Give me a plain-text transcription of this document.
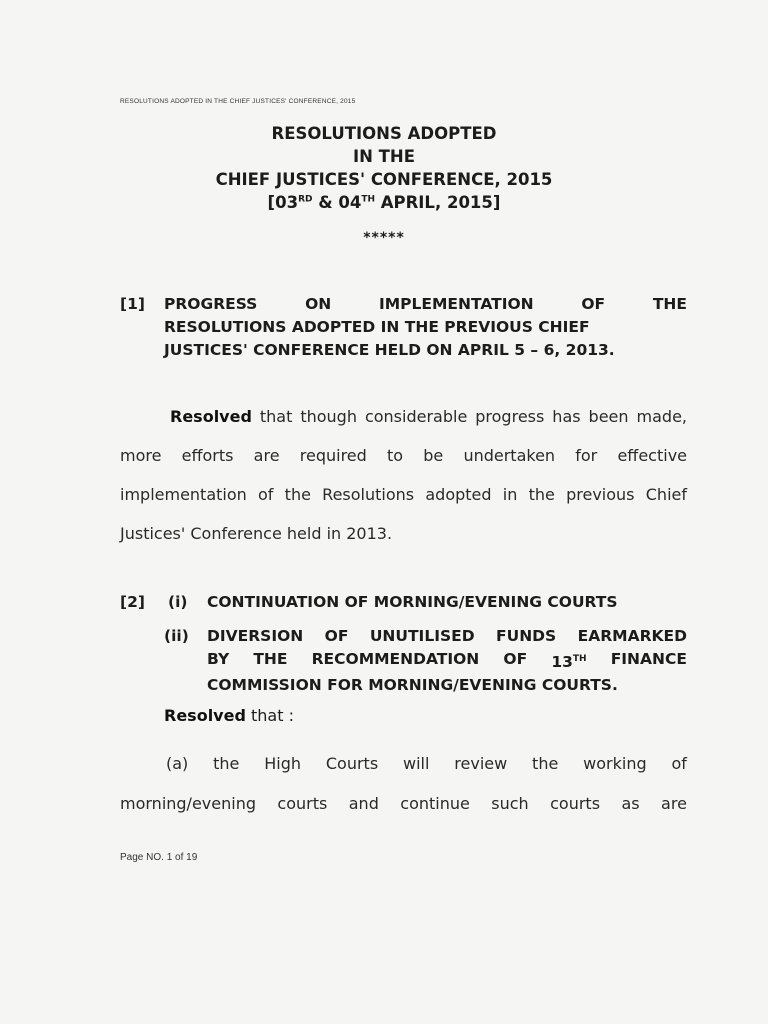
RESOLUTIONS ADOPTED IN THE CHIEF JUSTICES' CONFERENCE, 2015
RESOLUTIONS ADOPTED
IN THE
CHIEF JUSTICES' CONFERENCE, 2015
[03RD & 04TH APRIL, 2015]
*****
[1] PROGRESS	ON	IMPLEMENTATION	OF	THE
RESOLUTIONS ADOPTED IN THE PREVIOUS CHIEF
JUSTICES' CONFERENCE HELD ON APRIL 5 – 6, 2013.
Resolved that though considerable progress has been made, more efforts are required to be undertaken for effective implementation of the Resolutions adopted in the previous Chief Justices' Conference held in 2013.
[2] (i) CONTINUATION OF MORNING/EVENING COURTS
(ii) DIVERSION OF UNUTILISED FUNDS EARMARKED
BY THE RECOMMENDATION OF 13TH FINANCE
COMMISSION FOR MORNING/EVENING COURTS.
Resolved that :
(a) the High Courts will review the working of
morning/evening courts and continue such courts as are
Page NO. 1 of 19
